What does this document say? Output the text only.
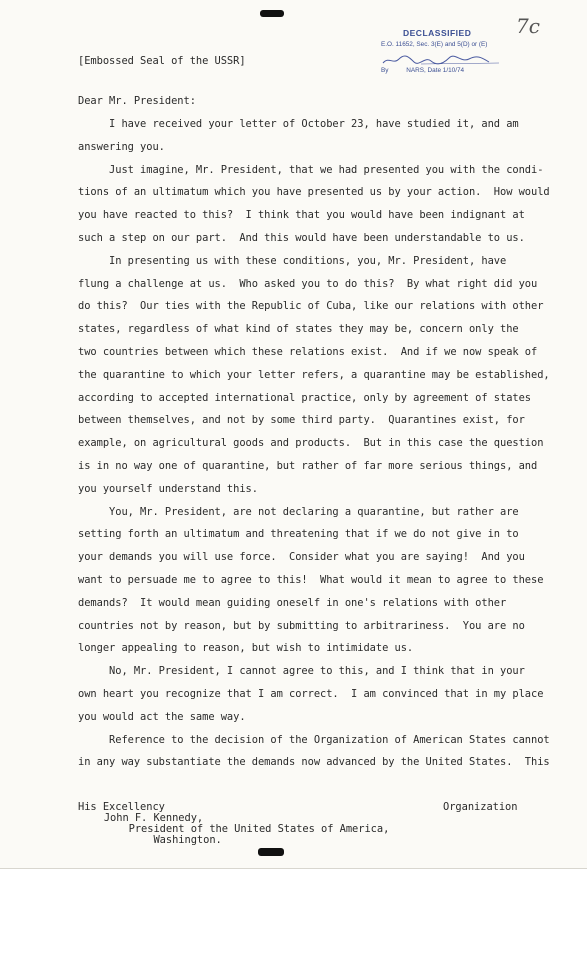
DECLASSIFIED
E.O. 11652, Sec. 3(E) and 5(D) or (E)
By          NARS, Date 1/10/74
7c
[Embossed Seal of the USSR]
Dear Mr. President:
I have received your letter of October 23, have studied it, and am
answering you.
Just imagine, Mr. President, that we had presented you with the condi-
tions of an ultimatum which you have presented us by your action.  How would
you have reacted to this?  I think that you would have been indignant at
such a step on our part.  And this would have been understandable to us.
In presenting us with these conditions, you, Mr. President, have
flung a challenge at us.  Who asked you to do this?  By what right did you
do this?  Our ties with the Republic of Cuba, like our relations with other
states, regardless of what kind of states they may be, concern only the
two countries between which these relations exist.  And if we now speak of
the quarantine to which your letter refers, a quarantine may be established,
according to accepted international practice, only by agreement of states
between themselves, and not by some third party.  Quarantines exist, for
example, on agricultural goods and products.  But in this case the question
is in no way one of quarantine, but rather of far more serious things, and
you yourself understand this.
You, Mr. President, are not declaring a quarantine, but rather are
setting forth an ultimatum and threatening that if we do not give in to
your demands you will use force.  Consider what you are saying!  And you
want to persuade me to agree to this!  What would it mean to agree to these
demands?  It would mean guiding oneself in one's relations with other
countries not by reason, but by submitting to arbitrariness.  You are no
longer appealing to reason, but wish to intimidate us.
No, Mr. President, I cannot agree to this, and I think that in your
own heart you recognize that I am correct.  I am convinced that in my place
you would act the same way.
Reference to the decision of the Organization of American States cannot
in any way substantiate the demands now advanced by the United States.  This
His Excellency
John F. Kennedy,
President of the United States of America,
Washington.
Organization
